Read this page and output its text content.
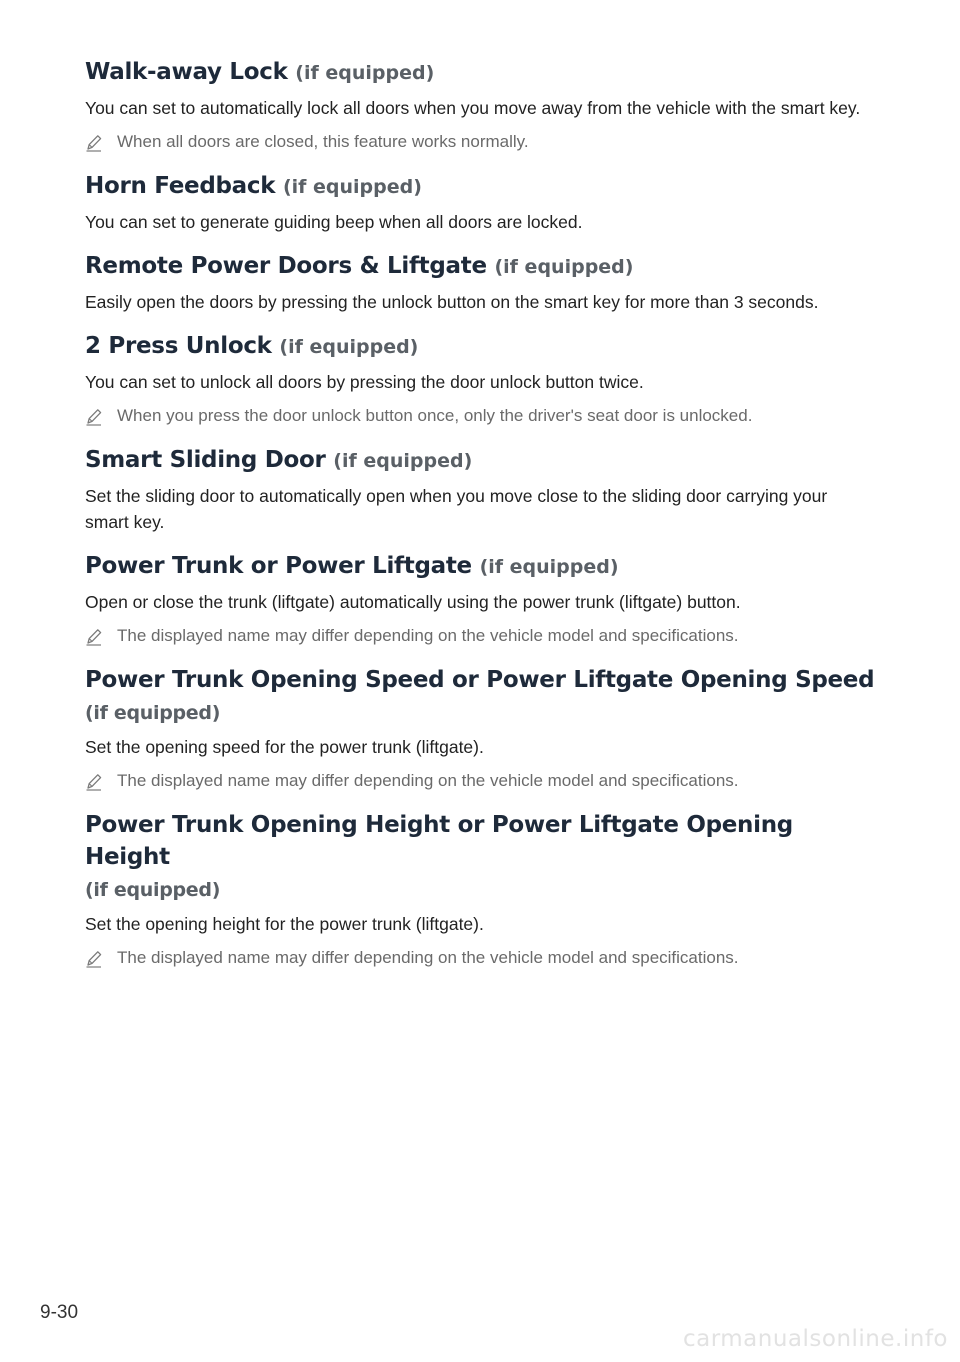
Walk-away Lock (if equipped)

You can set to automatically lock all doors when you move away from the vehicle with the smart key.

When all doors are closed, this feature works normally.
Horn Feedback (if equipped)

You can set to generate guiding beep when all doors are locked.

Remote Power Doors & Liftgate (if equipped)

Easily open the doors by pressing the unlock button on the smart key for more than 3 seconds.

2 Press Unlock (if equipped)

You can set to unlock all doors by pressing the door unlock button twice.

When you press the door unlock button once, only the driver's seat door is unlocked.
Smart Sliding Door (if equipped)

Set the sliding door to automatically open when you move close to the sliding door carrying your smart key.

Power Trunk or Power Liftgate (if equipped)

Open or close the trunk (liftgate) automatically using the power trunk (liftgate) button.

The displayed name may differ depending on the vehicle model and specifications.
Power Trunk Opening Speed or Power Liftgate Opening Speed
(if equipped)

Set the opening speed for the power trunk (liftgate).

The displayed name may differ depending on the vehicle model and specifications.
Power Trunk Opening Height or Power Liftgate Opening Height
(if equipped)

Set the opening height for the power trunk (liftgate).

The displayed name may differ depending on the vehicle model and specifications.
9-30
carmanualsonline.info
